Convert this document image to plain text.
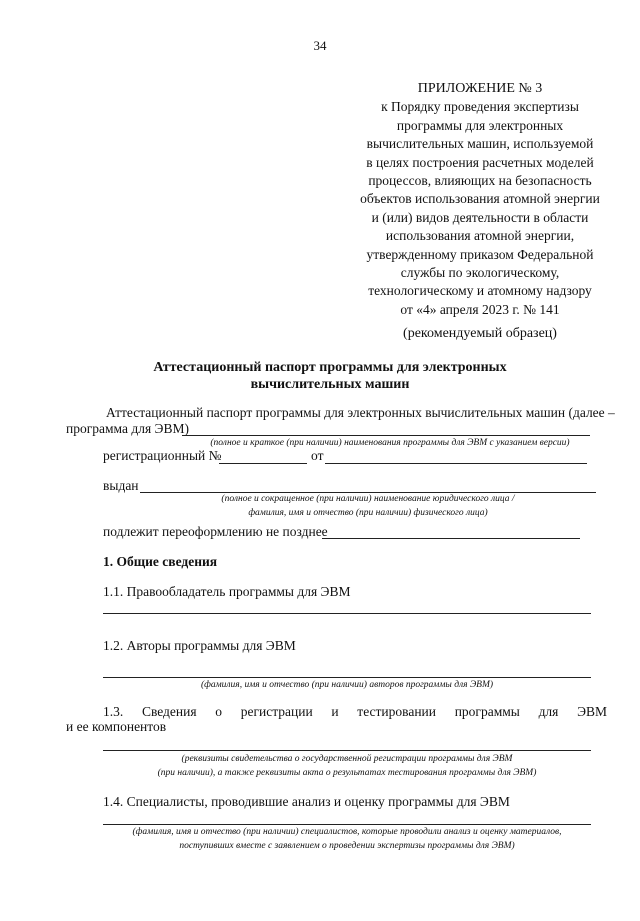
34
ПРИЛОЖЕНИЕ № 3
к Порядку проведения экспертизы
программы для электронных
вычислительных машин, используемой
в целях построения расчетных моделей
процессов, влияющих на безопасность
объектов использования атомной энергии
и (или) видов деятельности в области
использования атомной энергии,
утвержденному приказом Федеральной
службы по экологическому,
технологическому и атомному надзору
от «4» апреля 2023 г. № 141
(рекомендуемый образец)
Аттестационный паспорт программы для электронных
вычислительных машин
Аттестационный паспорт программы для электронных вычислительных машин (далее –
программа для ЭВМ)
(полное и краткое (при наличии) наименования программы для ЭВМ с указанием версии)
регистрационный №	от
выдан
(полное и сокращенное (при наличии) наименование юридического лица /
фамилия, имя и отчество (при наличии) физического лица)
подлежит переоформлению не позднее
1. Общие сведения
1.1. Правообладатель программы для ЭВМ
1.2. Авторы программы для ЭВМ
(фамилия, имя и отчество (при наличии) авторов программы для ЭВМ)
1.3. Сведения о регистрации и тестировании программы для ЭВМ
и ее компонентов
(реквизиты свидетельства о государственной регистрации программы для ЭВМ
(при наличии), а также реквизиты акта о результатах тестирования программы для ЭВМ)
1.4. Специалисты, проводившие анализ и оценку программы для ЭВМ
(фамилия, имя и отчество (при наличии) специалистов, которые проводили анализ и оценку материалов,
поступивших вместе с заявлением о проведении экспертизы программы для ЭВМ)
